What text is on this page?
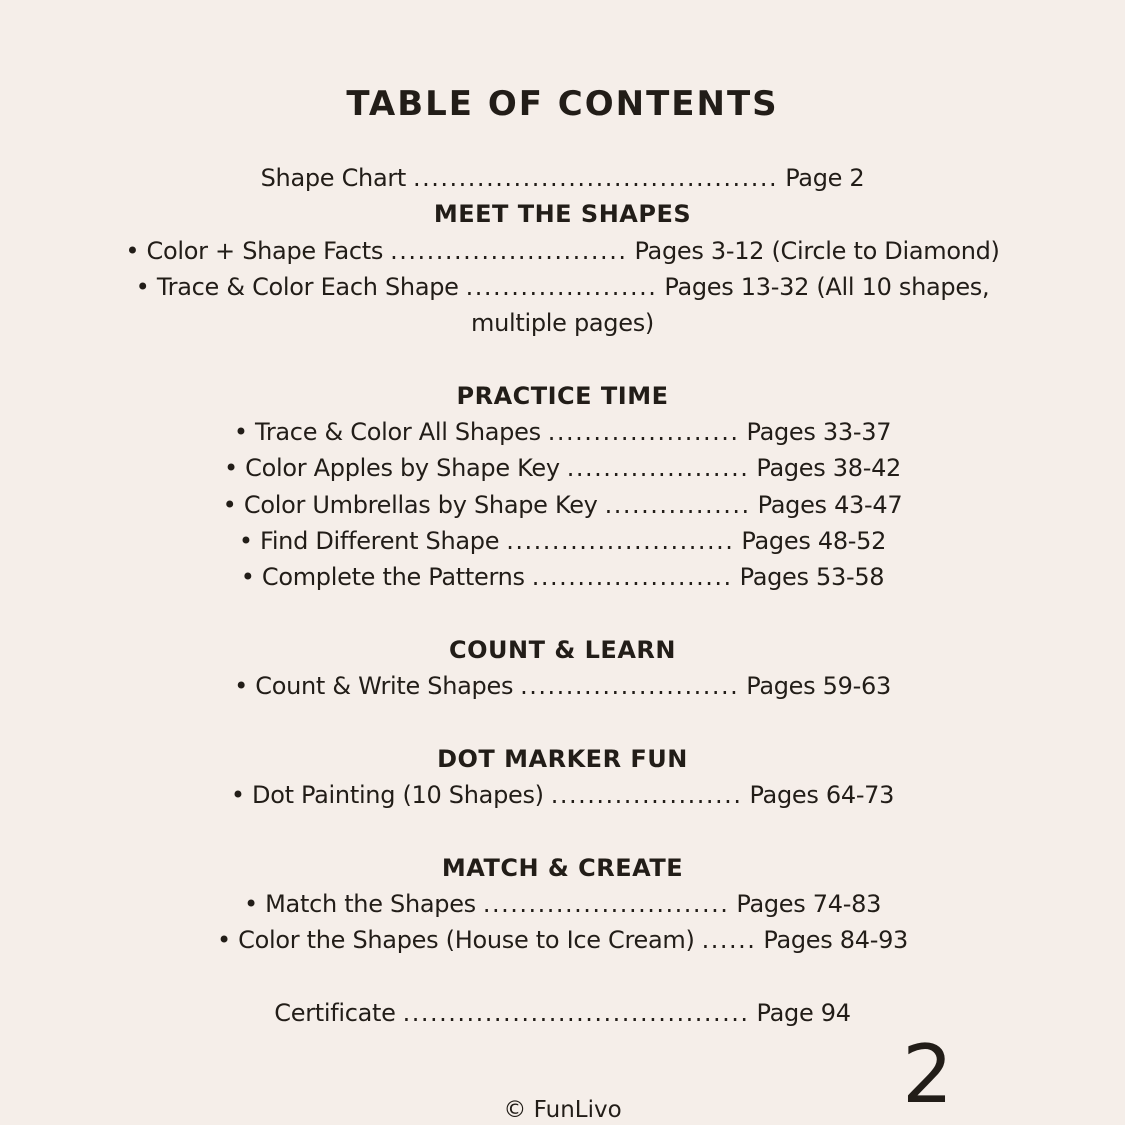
TABLE OF CONTENTS
Shape Chart ........................................ Page 2
MEET THE SHAPES
• Color + Shape Facts .......................... Pages 3-12 (Circle to Diamond)
• Trace & Color Each Shape ..................... Pages 13-32 (All 10 shapes,
multiple pages)
PRACTICE TIME
• Trace & Color All Shapes ..................... Pages 33-37
• Color Apples by Shape Key .................... Pages 38-42
• Color Umbrellas by Shape Key ................ Pages 43-47
• Find Different Shape ......................... Pages 48-52
• Complete the Patterns ...................... Pages 53-58
COUNT & LEARN
• Count & Write Shapes ........................ Pages 59-63
DOT MARKER FUN
• Dot Painting (10 Shapes) ..................... Pages 64-73
MATCH & CREATE
• Match the Shapes ........................... Pages 74-83
• Color the Shapes (House to Ice Cream) ...... Pages 84-93
Certificate ...................................... Page 94
© FunLivo	2
